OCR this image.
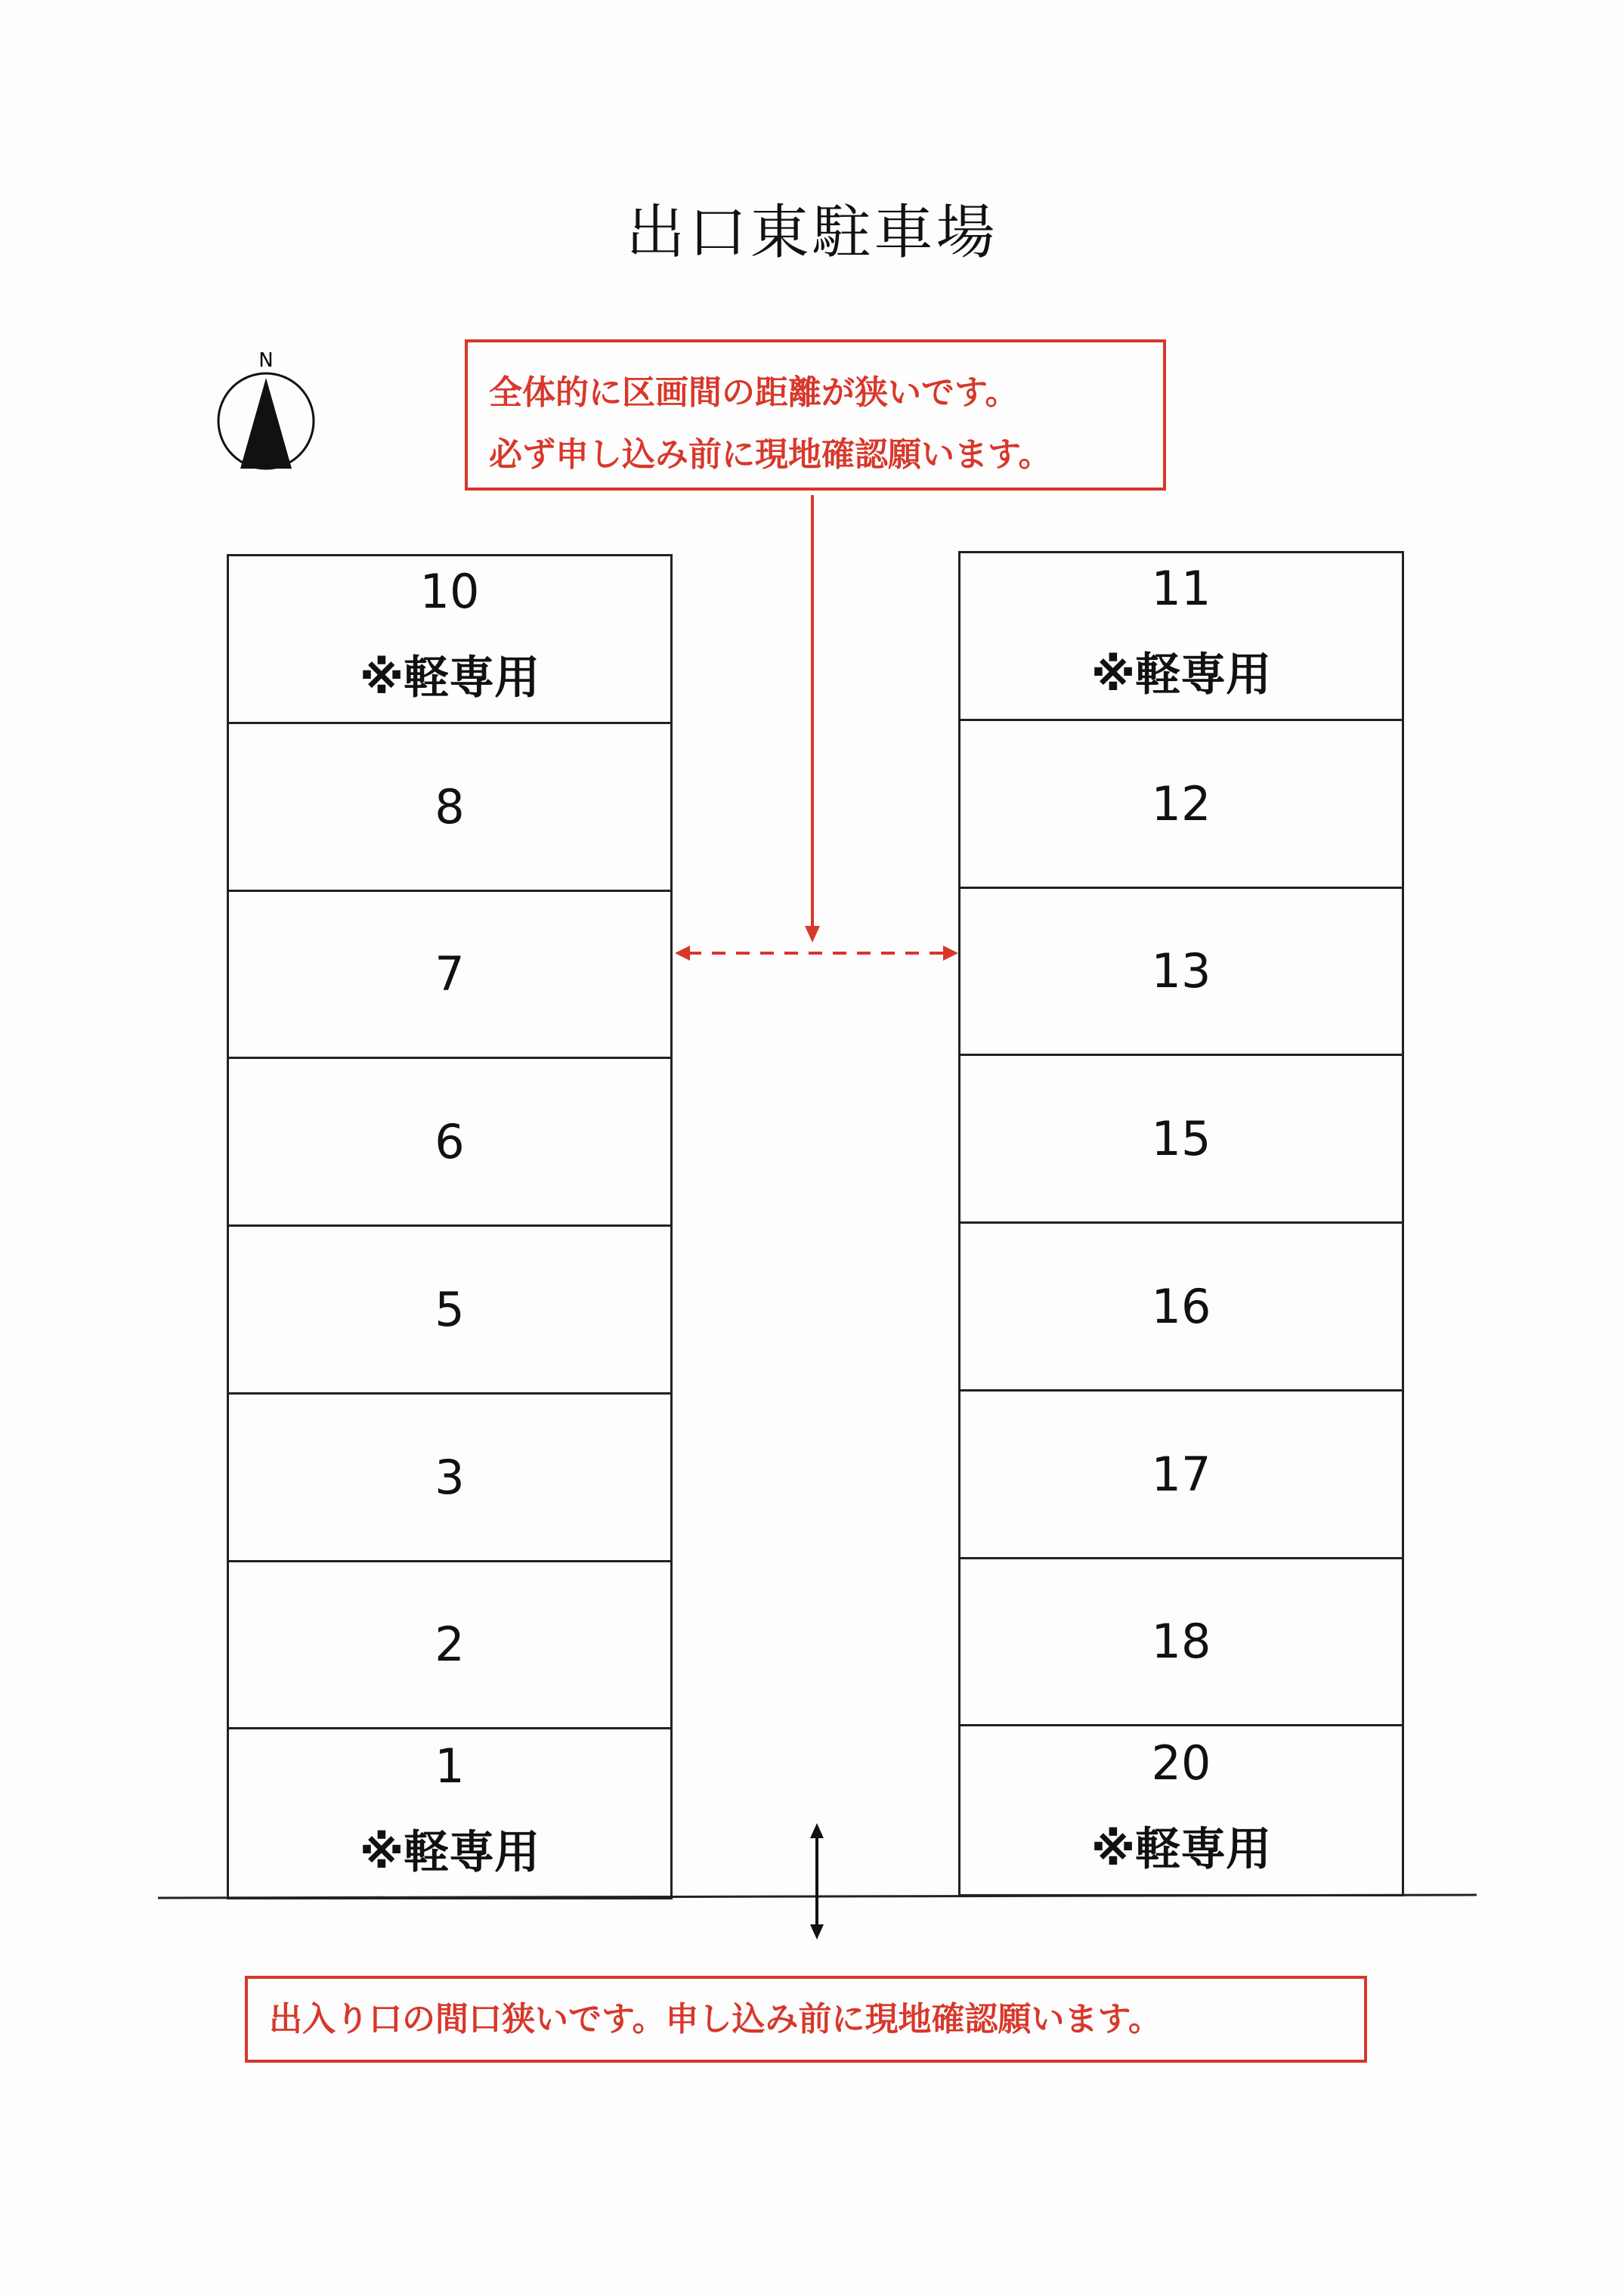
出口東駐車場
N
全体的に区画間の距離が狭いです。
必ず申し込み前に現地確認願います。
10
※軽専用
8
7
6
5
3
2
1
※軽専用
11
※軽専用
12
13
15
16
17
18
20
※軽専用
出入り口の間口狭いです。申し込み前に現地確認願います。
